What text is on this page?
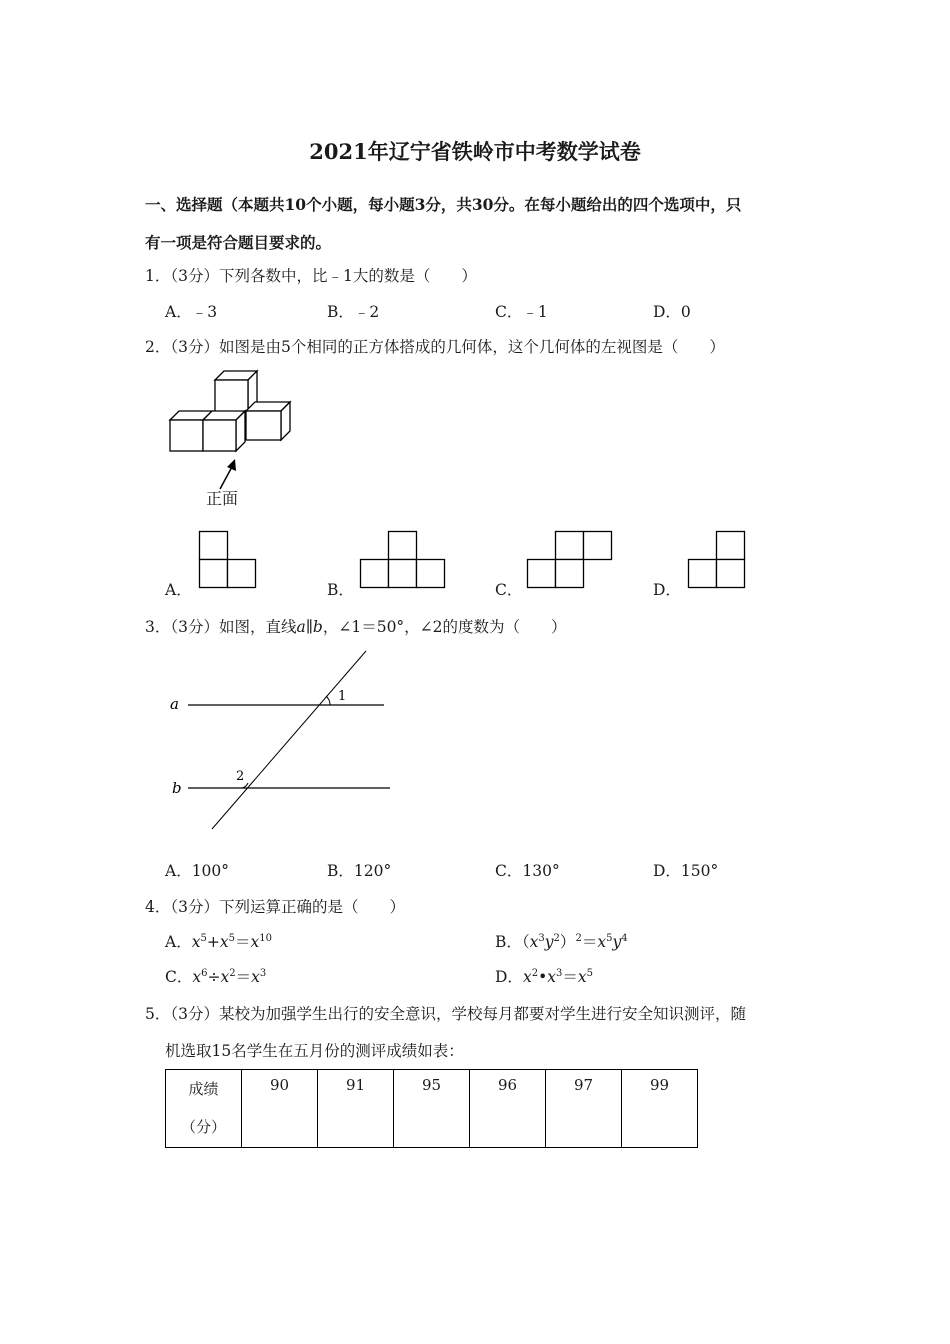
2021年辽宁省铁岭市中考数学试卷
一、选择题（本题共10个小题，每小题3分，共30分。在每小题给出的四个选项中，只
有一项是符合题目要求的。
1．（3分）下列各数中，比﹣1大的数是（　　）
A．﹣3	B．﹣2	C．﹣1	D．0
2．（3分）如图是由5个相同的正方体搭成的几何体，这个几何体的左视图是（　　）
正面
A．	B．	C．	D．
3．（3分）如图，直线a∥b，∠1＝50°，∠2的度数为（　　）
a
b
1
2
A．100°	B．120°	C．130°	D．150°
4．（3分）下列运算正确的是（　　）
A．$x^5+x^5=x^{10}$	B．$(x^3y^2)^2=x^5y^4$
C．$x^6\div x^2=x^3$	D．$x^2•x^3=x^5$
5．（3分）某校为加强学生出行的安全意识，学校每月都要对学生进行安全知识测评，随
机选取15名学生在五月份的测评成绩如表：
成绩
（分）	90	91	95	96	97	99
